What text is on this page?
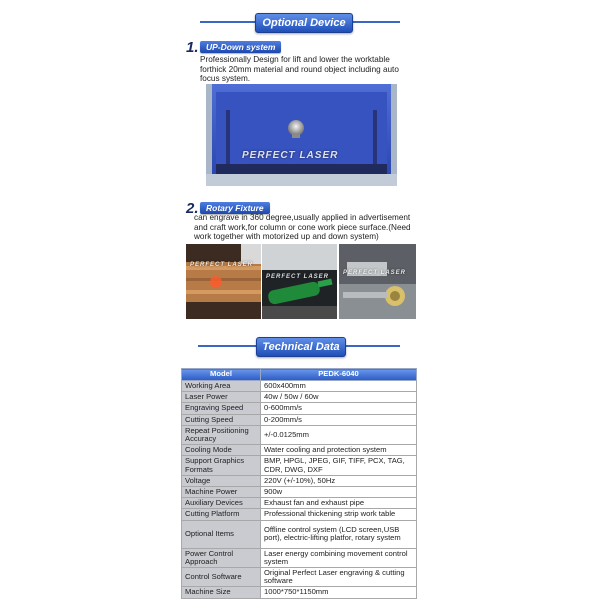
Optional Device
1. UP-Down system
Professionally Design for lift and lower the worktable forthick 20mm material and round object including auto focus system.
PERFECT LASER
2. Rotary Fixture
can engrave in 360 degree,usually applied in advertisement and craft work,for column or cone work piece surface.(Need work together with motorized up and down system)
PERFECT LASER
PERFECT LASER
PERFECT LASER
Technical Data
Model	PEDK-6040
Working Area	600x400mm
Laser Power	40w / 50w / 60w
Engraving Speed	0-600mm/s
Cutting Speed	0-200mm/s
Repeat Positioning Accuracy	+/-0.0125mm
Cooling Mode	Water cooling and protection system
Support Graphics Formats	BMP, HPGL, JPEG, GIF, TIFF, PCX, TAG, CDR, DWG, DXF
Voltage	220V (+/-10%), 50Hz
Machine Power	900w
Auxiliary Devices	Exhaust fan and exhaust pipe
Cutting Platform	Professional thickening strip work table
Optional Items	Offline control system (LCD screen,USB port), electric-lifting platfor, rotary system
Power Control Approach	Laser energy combining movement control system
Control Software	Original Perfect Laser engraving & cutting software
Machine Size	1000*750*1150mm
